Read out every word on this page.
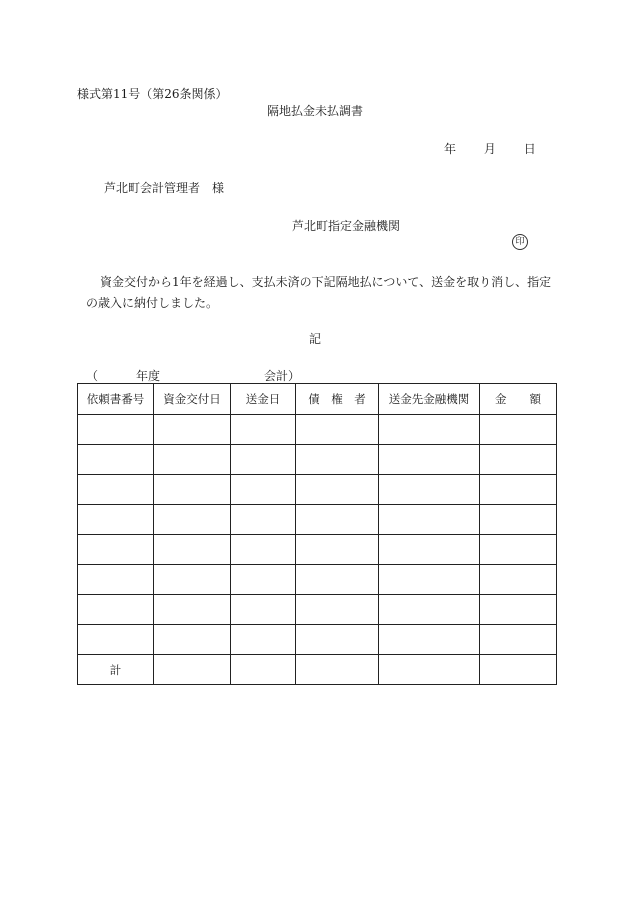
様式第11号（第26条関係）
隔地払金未払調書
年 月 日
芦北町会計管理者　様
芦北町指定金融機関
印
資金交付から1年を経過し、支払未済の下記隔地払について、送金を取り消し、指定の歳入に納付しました。
記
（	年度	会計）
依頼書番号	資金交付日	送金日	債　権　者	送金先金融機関	金　　額

計					
